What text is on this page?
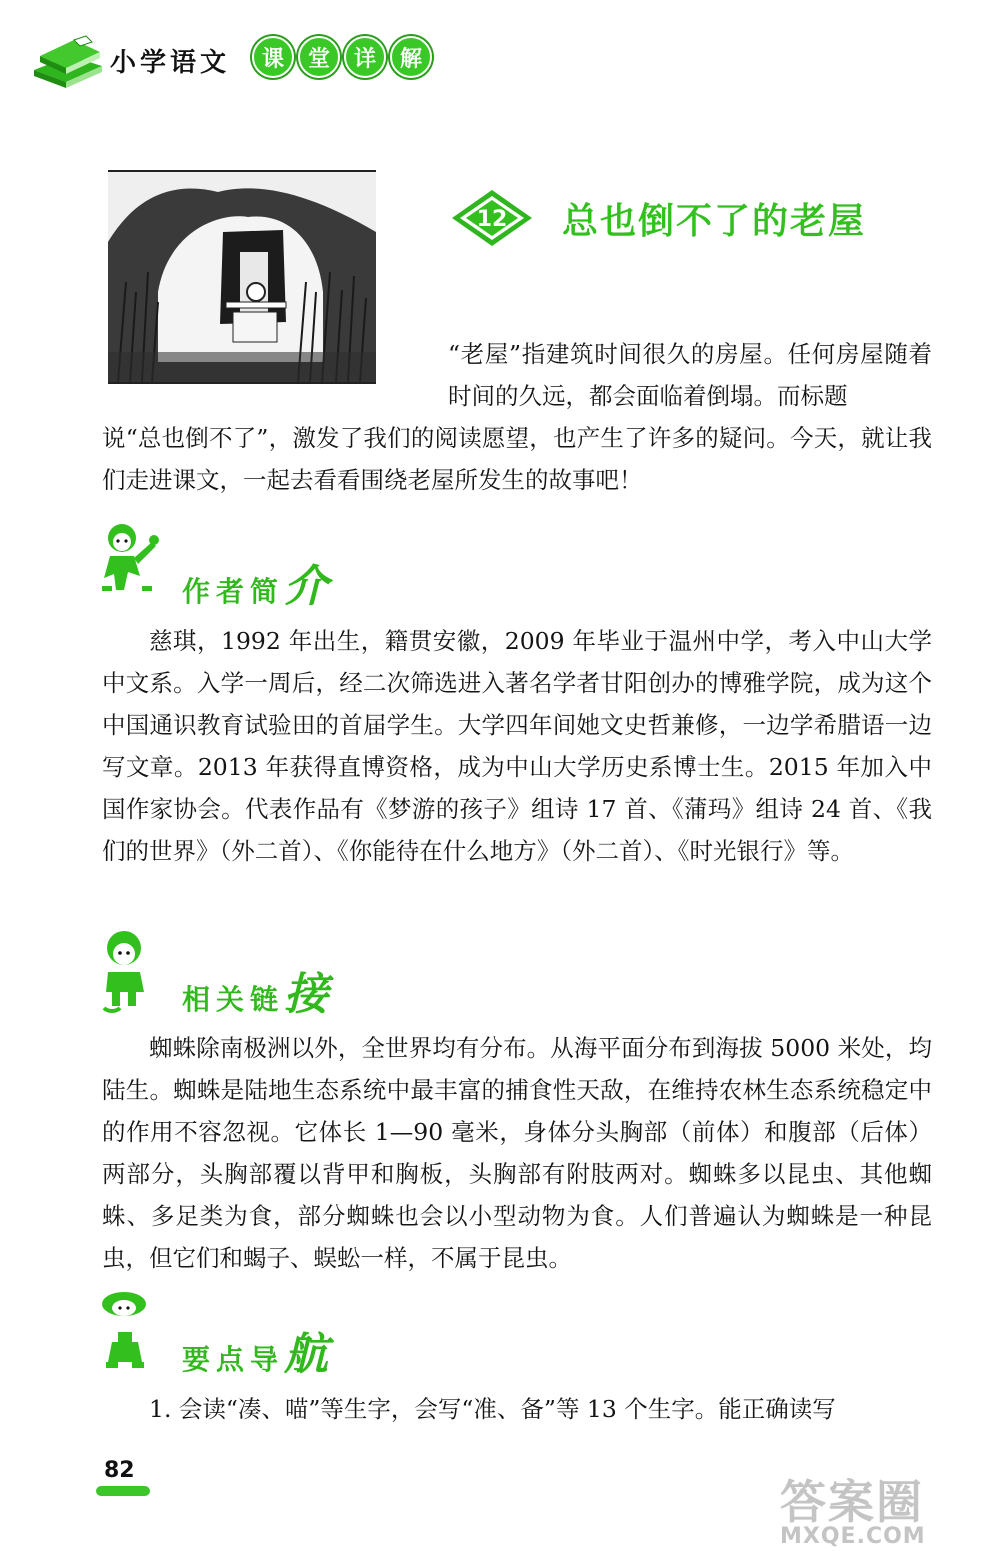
小学语文	课	堂	详	解
12 总也倒不了的老屋
“老屋”指建筑时间很久的房屋。任何房屋随着时间的久远，都会面临着倒塌。而标题

说“总也倒不了”，激发了我们的阅读愿望，也产生了许多的疑问。今天，就让我们走进课文，一起去看看围绕老屋所发生的故事吧！

作者简介

慈琪，1992 年出生，籍贯安徽，2009 年毕业于温州中学，考入中山大学中文系。入学一周后，经二次筛选进入著名学者甘阳创办的博雅学院，成为这个中国通识教育试验田的首届学生。大学四年间她文史哲兼修，一边学希腊语一边写文章。2013 年获得直博资格，成为中山大学历史系博士生。2015 年加入中国作家协会。代表作品有《梦游的孩子》组诗 17 首、《蒲玛》组诗 24 首、《我们的世界》（外二首）、《你能待在什么地方》（外二首）、《时光银行》等。

相关链接

蜘蛛除南极洲以外，全世界均有分布。从海平面分布到海拔 5000 米处，均陆生。蜘蛛是陆地生态系统中最丰富的捕食性天敌，在维持农林生态系统稳定中的作用不容忽视。它体长 1—90 毫米，身体分头胸部（前体）和腹部（后体）两部分，头胸部覆以背甲和胸板，头胸部有附肢两对。蜘蛛多以昆虫、其他蜘蛛、多足类为食，部分蜘蛛也会以小型动物为食。人们普遍认为蜘蛛是一种昆虫，但它们和蝎子、蜈蚣一样，不属于昆虫。

要点导航

1. 会读“凑、喵”等生字，会写“准、备”等 13 个生字。能正确读写

82
答案圈
MXQE.COM
